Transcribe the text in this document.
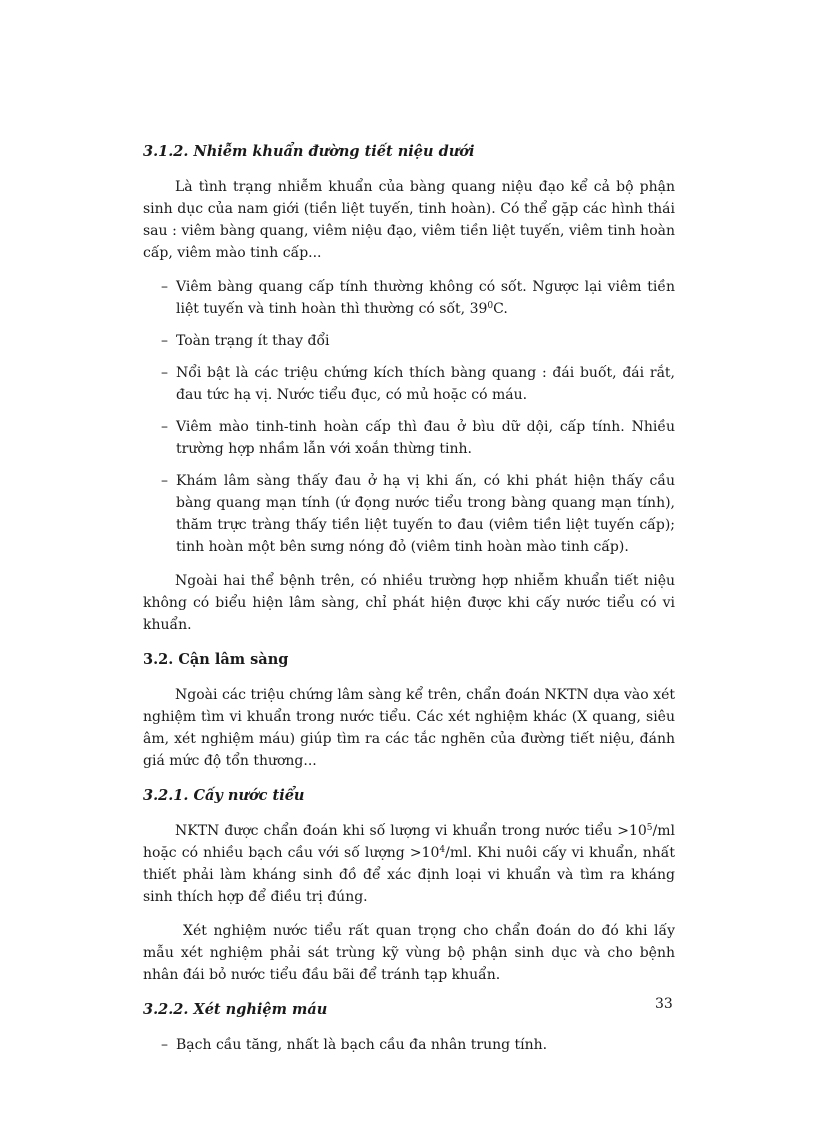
3.1.2. Nhiễm khuẩn đường tiết niệu dưới

Là tình trạng nhiễm khuẩn của bàng quang niệu đạo kể cả bộ phận sinh dục của nam giới (tiền liệt tuyến, tinh hoàn). Có thể gặp các hình thái sau : viêm bàng quang, viêm niệu đạo, viêm tiền liệt tuyến, viêm tinh hoàn cấp, viêm mào tinh cấp...

– Viêm bàng quang cấp tính thường không có sốt. Ngược lại viêm tiền liệt tuyến và tinh hoàn thì thường có sốt, $39^0C$.
– Toàn trạng ít thay đổi
– Nổi bật là các triệu chứng kích thích bàng quang : đái buốt, đái rắt, đau tức hạ vị. Nước tiểu đục, có mủ hoặc có máu.
– Viêm mào tinh-tinh hoàn cấp thì đau ở bìu dữ dội, cấp tính. Nhiều trường hợp nhầm lẫn với xoắn thừng tinh.
– Khám lâm sàng thấy đau ở hạ vị khi ấn, có khi phát hiện thấy cầu bàng quang mạn tính (ứ đọng nước tiểu trong bàng quang mạn tính), thăm trực tràng thấy tiền liệt tuyến to đau (viêm tiền liệt tuyến cấp); tinh hoàn một bên sưng nóng đỏ (viêm tinh hoàn mào tinh cấp).

Ngoài hai thể bệnh trên, có nhiều trường hợp nhiễm khuẩn tiết niệu không có biểu hiện lâm sàng, chỉ phát hiện được khi cấy nước tiểu có vi khuẩn.

3.2. Cận lâm sàng

Ngoài các triệu chứng lâm sàng kể trên, chẩn đoán NKTN dựa vào xét nghiệm tìm vi khuẩn trong nước tiểu. Các xét nghiệm khác (X quang, siêu âm, xét nghiệm máu) giúp tìm ra các tắc nghẽn của đường tiết niệu, đánh giá mức độ tổn thương...

3.2.1. Cấy nước tiểu

NKTN được chẩn đoán khi số lượng vi khuẩn trong nước tiểu $>10^5/ml$ hoặc có nhiều bạch cầu với số lượng $>10^4/ml$. Khi nuôi cấy vi khuẩn, nhất thiết phải làm kháng sinh đồ để xác định loại vi khuẩn và tìm ra kháng sinh thích hợp để điều trị đúng.

Xét nghiệm nước tiểu rất quan trọng cho chẩn đoán do đó khi lấy mẫu xét nghiệm phải sát trùng kỹ vùng bộ phận sinh dục và cho bệnh nhân đái bỏ nước tiểu đầu bãi để tránh tạp khuẩn.

3.2.2. Xét nghiệm máu
– Bạch cầu tăng, nhất là bạch cầu đa nhân trung tính.
33
